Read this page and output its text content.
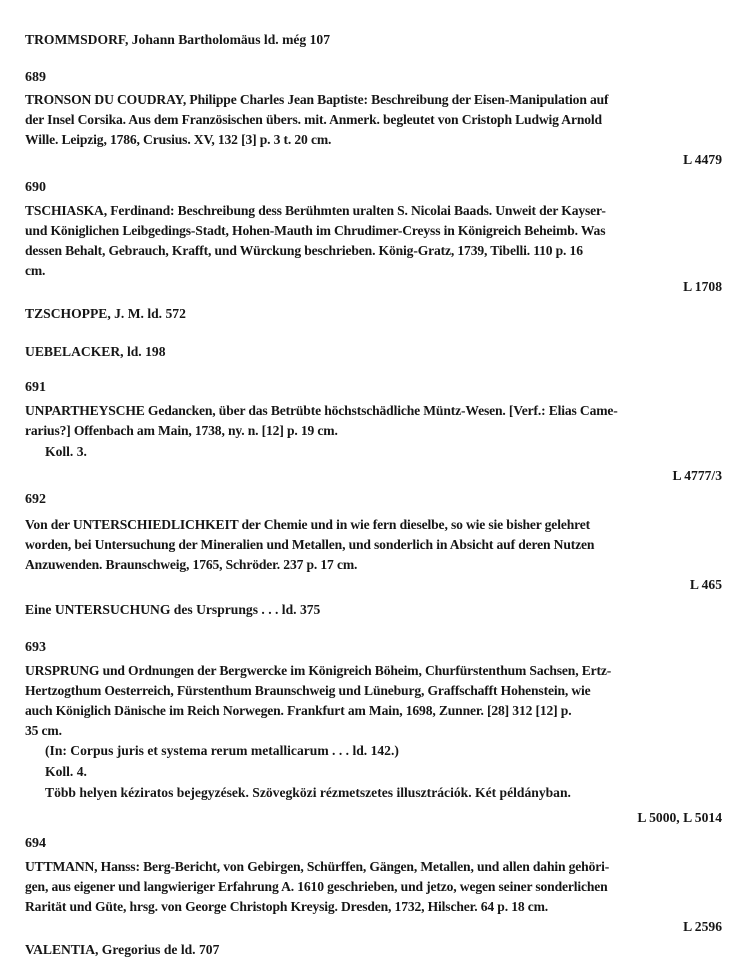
TROMMSDORF, Johann Bartholomäus ld. még 107
689
TRONSON DU COUDRAY, Philippe Charles Jean Baptiste: Beschreibung der Eisen-Manipulation auf
der Insel Corsika. Aus dem Französischen übers. mit. Anmerk. begleutet von Cristoph Ludwig Arnold
Wille. Leipzig, 1786, Crusius. XV, 132 [3] p. 3 t. 20 cm.
L 4479
690
TSCHIASKA, Ferdinand: Beschreibung dess Berühmten uralten S. Nicolai Baads. Unweit der Kayser-
und Königlichen Leibgedings-Stadt, Hohen-Mauth im Chrudimer-Creyss in Königreich Beheimb. Was
dessen Behalt, Gebrauch, Krafft, und Würckung beschrieben. König-Gratz, 1739, Tibelli. 110 p. 16
cm.
L 1708
TZSCHOPPE, J. M. ld. 572
UEBELACKER, ld. 198
691
UNPARTHEYSCHE Gedancken, über das Betrübte höchstschädliche Müntz-Wesen. [Verf.: Elias Came-
rarius?] Offenbach am Main, 1738, ny. n. [12] p. 19 cm.
Koll. 3.
L 4777/3
692
Von der UNTERSCHIEDLICHKEIT der Chemie und in wie fern dieselbe, so wie sie bisher gelehret
worden, bei Untersuchung der Mineralien und Metallen, und sonderlich in Absicht auf deren Nutzen
Anzuwenden. Braunschweig, 1765, Schröder. 237 p. 17 cm.
L 465
Eine UNTERSUCHUNG des Ursprungs . . . ld. 375
693
URSPRUNG und Ordnungen der Bergwercke im Königreich Böheim, Churfürstenthum Sachsen, Ertz-
Hertzogthum Oesterreich, Fürstenthum Braunschweig und Lüneburg, Graffschafft Hohenstein, wie
auch Königlich Dänische im Reich Norwegen. Frankfurt am Main, 1698, Zunner. [28] 312 [12] p.
35 cm.
(In: Corpus juris et systema rerum metallicarum . . . ld. 142.)
Koll. 4.
Több helyen kéziratos bejegyzések. Szövegközi rézmetszetes illusztrációk. Két példányban.
L 5000, L 5014
694
UTTMANN, Hanss: Berg-Bericht, von Gebirgen, Schürffen, Gängen, Metallen, und allen dahin gehöri-
gen, aus eigener und langwieriger Erfahrung A. 1610 geschrieben, und jetzo, wegen seiner sonderlichen
Rarität und Güte, hrsg. von George Christoph Kreysig. Dresden, 1732, Hilscher. 64 p. 18 cm.
L 2596
VALENTIA, Gregorius de ld. 707
